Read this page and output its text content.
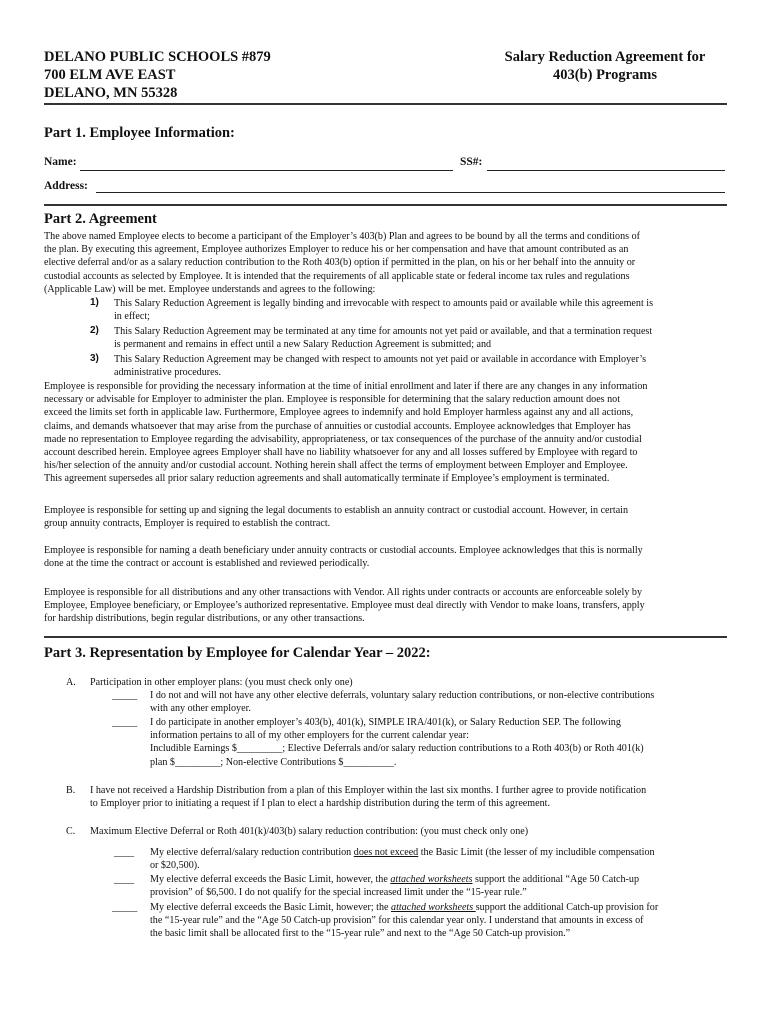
DELANO PUBLIC SCHOOLS #879
700 ELM AVE EAST
DELANO, MN 55328
Salary Reduction Agreement for
403(b) Programs
Part 1. Employee Information:
Name:	SS#:
Address:
Part 2. Agreement
The above named Employee elects to become a participant of the Employer’s 403(b) Plan and agrees to be bound by all the terms and conditions of
the plan. By executing this agreement, Employee authorizes Employer to reduce his or her compensation and have that amount contributed as an
elective deferral and/or as a salary reduction contribution to the Roth 403(b) option if permitted in the plan, on his or her behalf into the annuity or
custodial accounts as selected by Employee. It is intended that the requirements of all applicable state or federal income tax rules and regulations
(Applicable Law) will be met. Employee understands and agrees to the following:
1) This Salary Reduction Agreement is legally binding and irrevocable with respect to amounts paid or available while this agreement is
in effect;
2) This Salary Reduction Agreement may be terminated at any time for amounts not yet paid or available, and that a termination request
is permanent and remains in effect until a new Salary Reduction Agreement is submitted; and
3) This Salary Reduction Agreement may be changed with respect to amounts not yet paid or available in accordance with Employer’s
administrative procedures.
Employee is responsible for providing the necessary information at the time of initial enrollment and later if there are any changes in any information
necessary or advisable for Employer to administer the plan. Employee is responsible for determining that the salary reduction amount does not
exceed the limits set forth in applicable law. Furthermore, Employee agrees to indemnify and hold Employer harmless against any and all actions,
claims, and demands whatsoever that may arise from the purchase of annuities or custodial accounts. Employee acknowledges that Employer has
made no representation to Employee regarding the advisability, appropriateness, or tax consequences of the purchase of the annuity and/or custodial
account described herein. Employee agrees Employer shall have no liability whatsoever for any and all losses suffered by Employee with regard to
his/her selection of the annuity and/or custodial account. Nothing herein shall affect the terms of employment between Employer and Employee.
This agreement supersedes all prior salary reduction agreements and shall automatically terminate if Employee’s employment is terminated.
Employee is responsible for setting up and signing the legal documents to establish an annuity contract or custodial account. However, in certain
group annuity contracts, Employer is required to establish the contract.
Employee is responsible for naming a death beneficiary under annuity contracts or custodial accounts. Employee acknowledges that this is normally
done at the time the contract or account is established and reviewed periodically.
Employee is responsible for all distributions and any other transactions with Vendor. All rights under contracts or accounts are enforceable solely by
Employee, Employee beneficiary, or Employee’s authorized representative. Employee must deal directly with Vendor to make loans, transfers, apply
for hardship distributions, begin regular distributions, or any other transactions.
Part 3. Representation by Employee for Calendar Year – 2022:
A. Participation in other employer plans: (you must check only one)
_____ I do not and will not have any other elective deferrals, voluntary salary reduction contributions, or non-elective contributions
with any other employer.
_____ I do participate in another employer’s 403(b), 401(k), SIMPLE IRA/401(k), or Salary Reduction SEP. The following
information pertains to all of my other employers for the current calendar year:
Includible Earnings $_________; Elective Deferrals and/or salary reduction contributions to a Roth 403(b) or Roth 401(k)
plan $_________; Non-elective Contributions $__________.
B. I have not received a Hardship Distribution from a plan of this Employer within the last six months. I further agree to provide notification
to Employer prior to initiating a request if I plan to elect a hardship distribution during the term of this agreement.
C. Maximum Elective Deferral or Roth 401(k)/403(b) salary reduction contribution: (you must check only one)
____ My elective deferral/salary reduction contribution does not exceed the Basic Limit (the lesser of my includible compensation
or $20,500).
____ My elective deferral exceeds the Basic Limit, however, the attached worksheets support the additional “Age 50 Catch-up
provision” of $6,500. I do not qualify for the special increased limit under the “15-year rule.”
_____ My elective deferral exceeds the Basic Limit, however; the attached worksheets support the additional Catch-up provision for
the “15-year rule” and the “Age 50 Catch-up provision” for this calendar year only. I understand that amounts in excess of
the basic limit shall be allocated first to the “15-year rule” and next to the “Age 50 Catch-up provision.”
